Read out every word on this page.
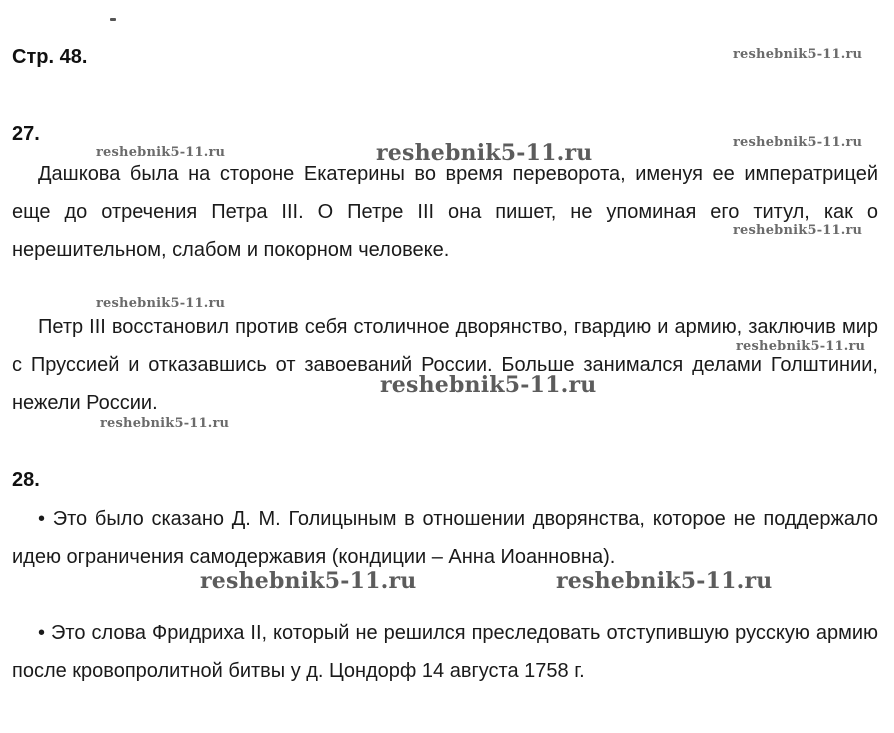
Стр. 48.	reshebnik5-11.ru
27.	reshebnik5-11.ru
reshebnik5-11.ru	reshebnik5-11.ru

Дашкова была на стороне Екатерины во время переворота, именуя ее императрицей еще до отречения Петра III. О Петре III она пишет, не упоминая его титул, как о нерешительном, слабом и покорном человеке.

reshebnik5-11.ru
reshebnik5-11.ru

Петр III восстановил против себя столичное дворянство, гвардию и армию, заключив мир с Пруссией и отказавшись от завоеваний России. Больше занимался делами Голштинии, нежели России.

reshebnik5-11.ru
reshebnik5-11.ru
reshebnik5-11.ru
28.

• Это было сказано Д. М. Голицыным в отношении дворянства, которое не поддержало идею ограничения самодержавия (кондиции – Анна Иоанновна).

reshebnik5-11.ru	reshebnik5-11.ru

• Это слова Фридриха II, который не решился преследовать отступившую русскую армию после кровопролитной битвы у д. Цондорф 14 августа 1758 г.
